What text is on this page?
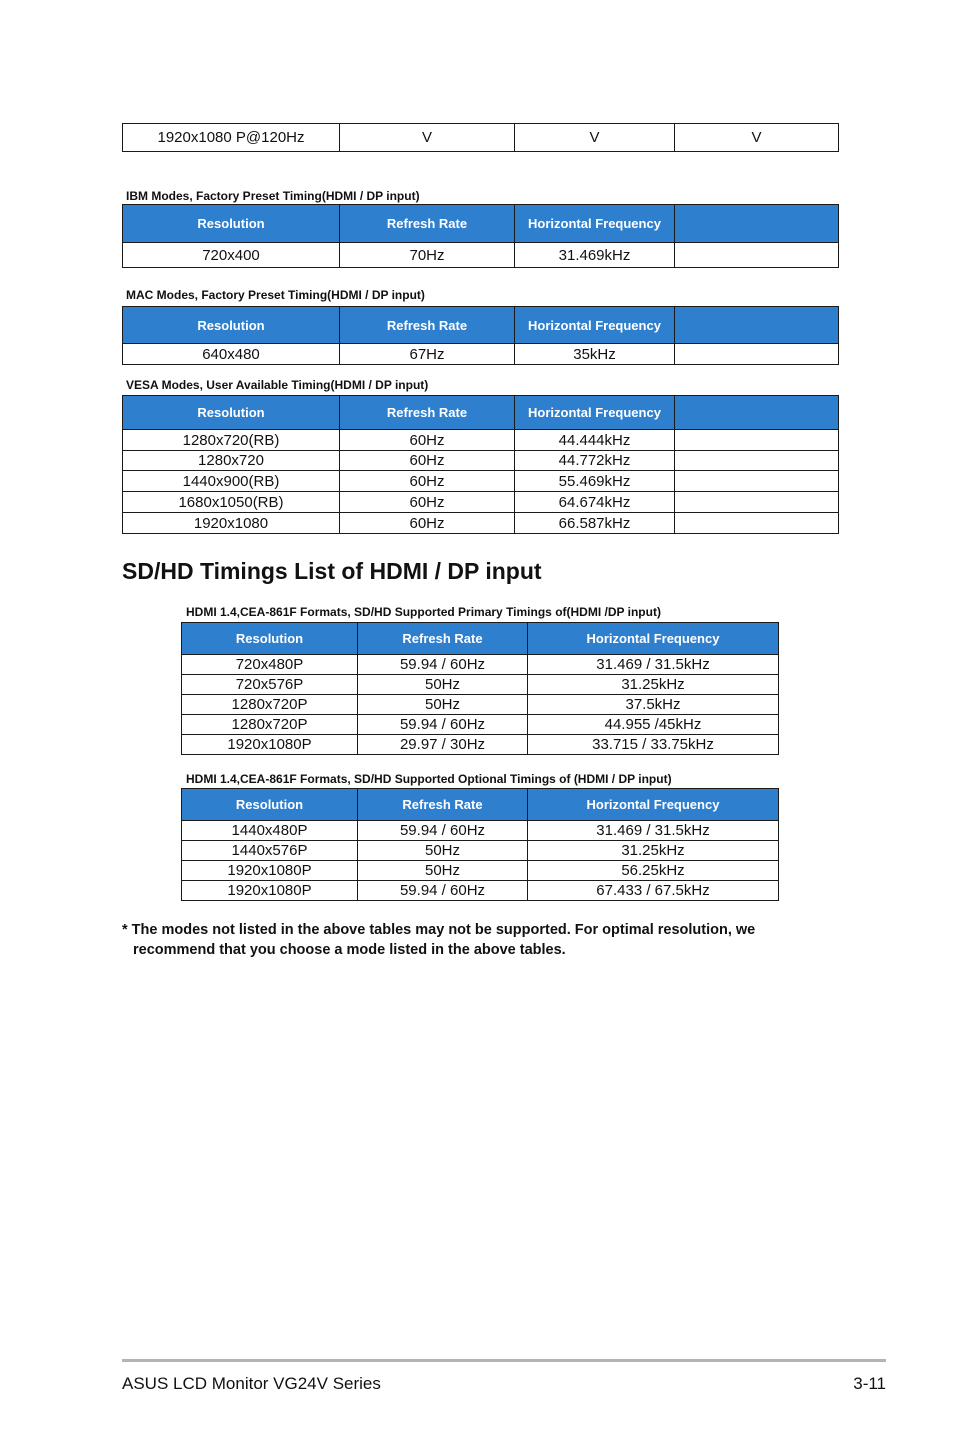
1920x1080 P@120Hz	V	V	V
IBM Modes, Factory Preset Timing(HDMI / DP input)
Resolution	Refresh Rate	Horizontal Frequency	
720x400	70Hz	31.469kHz	
MAC Modes, Factory Preset Timing(HDMI / DP input)
Resolution	Refresh Rate	Horizontal Frequency	
640x480	67Hz	35kHz	
VESA Modes, User Available Timing(HDMI / DP input)
Resolution	Refresh Rate	Horizontal Frequency	
1280x720(RB)	60Hz	44.444kHz	
1280x720	60Hz	44.772kHz	
1440x900(RB)	60Hz	55.469kHz	
1680x1050(RB)	60Hz	64.674kHz	
1920x1080	60Hz	66.587kHz	
SD/HD Timings List of HDMI / DP input
HDMI 1.4,CEA-861F Formats, SD/HD Supported Primary Timings of(HDMI /DP input)
Resolution	Refresh Rate	Horizontal Frequency
720x480P	59.94 / 60Hz	31.469 / 31.5kHz
720x576P	50Hz	31.25kHz
1280x720P	50Hz	37.5kHz
1280x720P	59.94 / 60Hz	44.955 /45kHz
1920x1080P	29.97 / 30Hz	33.715 / 33.75kHz
HDMI 1.4,CEA-861F Formats, SD/HD Supported Optional Timings of (HDMI / DP input)
Resolution	Refresh Rate	Horizontal Frequency
1440x480P	59.94 / 60Hz	31.469 / 31.5kHz
1440x576P	50Hz	31.25kHz
1920x1080P	50Hz	56.25kHz
1920x1080P	59.94 / 60Hz	67.433 / 67.5kHz
* The modes not listed in the above tables may not be supported. For optimal resolution, we
recommend that you choose a mode listed in the above tables.
ASUS LCD Monitor VG24V Series	3-11
